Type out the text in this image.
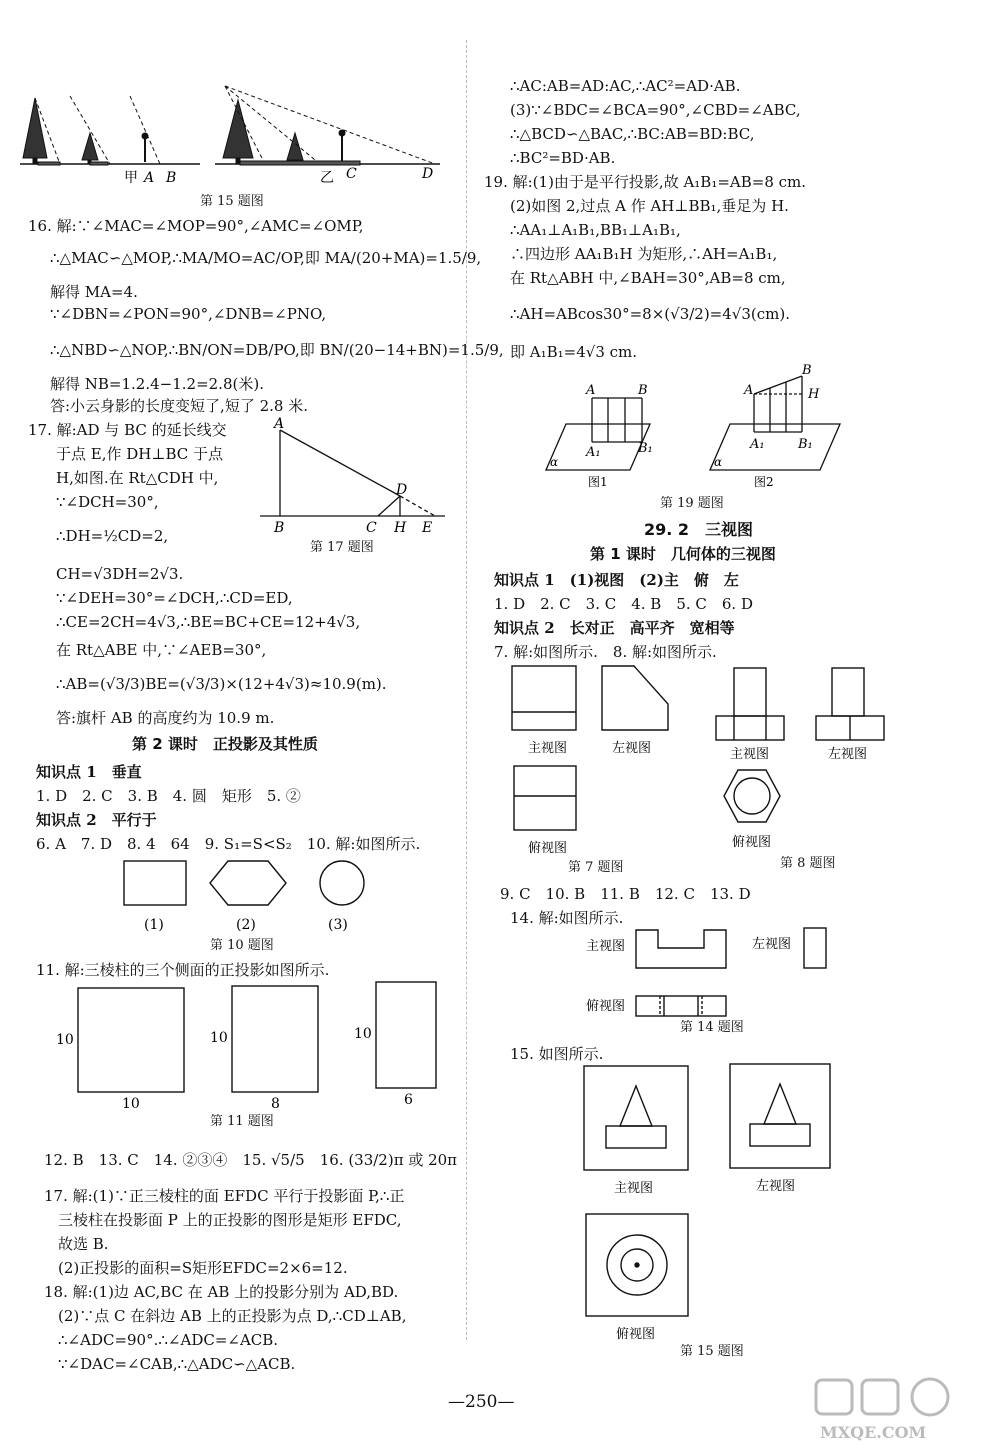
甲 A B	乙 C	D
第 15 题图
16. 解:∵∠MAC=∠MOP=90°,∠AMC=∠OMP,
∴△MAC∽△MOP,∴MA/MO=AC/OP,即 MA/(20+MA)=1.5/9,
解得 MA=4.
∵∠DBN=∠PON=90°,∠DNB=∠PNO,
∴△NBD∽△NOP,∴BN/ON=DB/PO,即 BN/(20−14+BN)=1.5/9,
解得 NB=1.2.4−1.2=2.8(米).
答:小云身影的长度变短了,短了 2.8 米.
17. 解:AD 与 BC 的延长线交
于点 E,作 DH⊥BC 于点
H,如图.在 Rt△CDH 中,
∵∠DCH=30°,
∴DH=½CD=2,
CH=√3DH=2√3.
∵∠DEH=30°=∠DCH,∴CD=ED,
∴CE=2CH=4√3,∴BE=BC+CE=12+4√3,
在 Rt△ABE 中,∵∠AEB=30°,
∴AB=(√3/3)BE=(√3/3)×(12+4√3)≈10.9(m).
答:旗杆 AB 的高度约为 10.9 m.
A
B	C
D
H E
第 17 题图
第 2 课时　正投影及其性质
知识点 1　垂直
1. D　2. C　3. B　4. 圆　矩形　5. ②
知识点 2　平行于
6. A　7. D　8. 4　64　9. S₁=S<S₂　10. 解:如图所示.
(1)	(2)	(3)
第 10 题图
11. 解:三棱柱的三个侧面的正投影如图所示.
10
10
10
8
10
6
第 11 题图
12. B　13. C　14. ②③④　15. √5/5　16. (33/2)π 或 20π
17. 解:(1)∵正三棱柱的面 EFDC 平行于投影面 P,∴正
三棱柱在投影面 P 上的正投影的图形是矩形 EFDC,
故选 B.
(2)正投影的面积=S矩形EFDC=2×6=12.
18. 解:(1)边 AC,BC 在 AB 上的投影分别为 AD,BD.
(2)∵点 C 在斜边 AB 上的正投影为点 D,∴CD⊥AB,
∴∠ADC=90°.∴∠ADC=∠ACB.
∵∠DAC=∠CAB,∴△ADC∽△ACB.
∴AC:AB=AD:AC,∴AC²=AD·AB.
(3)∵∠BDC=∠BCA=90°,∠CBD=∠ABC,
∴△BCD∽△BAC,∴BC:AB=BD:BC,
∴BC²=BD·AB.
19. 解:(1)由于是平行投影,故 A₁B₁=AB=8 cm.
(2)如图 2,过点 A 作 AH⊥BB₁,垂足为 H.
∴AA₁⊥A₁B₁,BB₁⊥A₁B₁,
∴四边形 AA₁B₁H 为矩形,∴AH=A₁B₁,
在 Rt△ABH 中,∠BAH=30°,AB=8 cm,
∴AH=ABcos30°=8×(√3/2)=4√3(cm).
即 A₁B₁=4√3 cm.
A	B
A₁	B₁
α
图1
A
B
H
A₁	B₁
α
图2
第 19 题图
29. 2　三视图
第 1 课时　几何体的三视图
知识点 1　(1)视图　(2)主　俯　左
1. D　2. C　3. C　4. B　5. C　6. D
知识点 2　长对正　高平齐　宽相等
7. 解:如图所示.　8. 解:如图所示.
主视图	左视图
俯视图
主视图	左视图
俯视图
第 7 题图	第 8 题图
9. C　10. B　11. B　12. C　13. D
14. 解:如图所示.
主视图	左视图
俯视图
第 14 题图
15. 如图所示.
主视图	左视图
俯视图
第 15 题图
—250—
MXQE.COM
